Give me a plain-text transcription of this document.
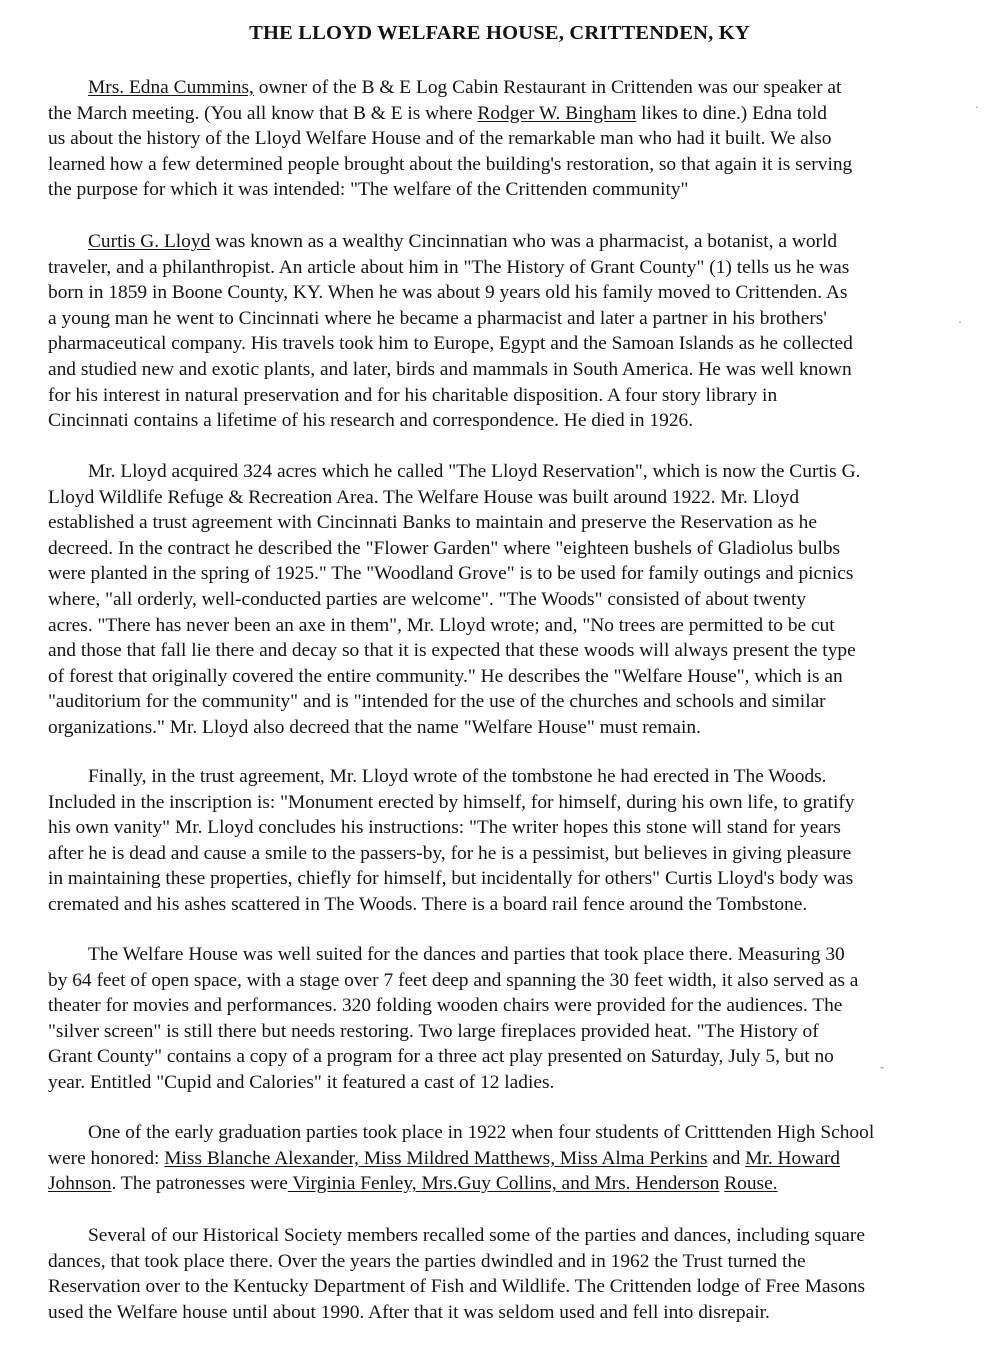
THE LLOYD WELFARE HOUSE, CRITTENDEN, KY
Mrs. Edna Cummins, owner of the B & E Log Cabin Restaurant in Crittenden was our speaker at
the March meeting. (You all know that B & E is where Rodger W. Bingham likes to dine.) Edna told
us about the history of the Lloyd Welfare House and of the remarkable man who had it built. We also
learned how a few determined people brought about the building's restoration, so that again it is serving
the purpose for which it was intended: "The welfare of the Crittenden community"
Curtis G. Lloyd was known as a wealthy Cincinnatian who was a pharmacist, a botanist, a world
traveler, and a philanthropist. An article about him in "The History of Grant County" (1) tells us he was
born in 1859 in Boone County, KY. When he was about 9 years old his family moved to Crittenden. As
a young man he went to Cincinnati where he became a pharmacist and later a partner in his brothers'
pharmaceutical company. His travels took him to Europe, Egypt and the Samoan Islands as he collected
and studied new and exotic plants, and later, birds and mammals in South America. He was well known
for his interest in natural preservation and for his charitable disposition. A four story library in
Cincinnati contains a lifetime of his research and correspondence. He died in 1926.
Mr. Lloyd acquired 324 acres which he called "The Lloyd Reservation", which is now the Curtis G.
Lloyd Wildlife Refuge & Recreation Area. The Welfare House was built around 1922. Mr. Lloyd
established a trust agreement with Cincinnati Banks to maintain and preserve the Reservation as he
decreed. In the contract he described the "Flower Garden" where "eighteen bushels of Gladiolus bulbs
were planted in the spring of 1925." The "Woodland Grove" is to be used for family outings and picnics
where, "all orderly, well-conducted parties are welcome". "The Woods" consisted of about twenty
acres. "There has never been an axe in them", Mr. Lloyd wrote; and, "No trees are permitted to be cut
and those that fall lie there and decay so that it is expected that these woods will always present the type
of forest that originally covered the entire community." He describes the "Welfare House", which is an
"auditorium for the community" and is "intended for the use of the churches and schools and similar
organizations." Mr. Lloyd also decreed that the name "Welfare House" must remain.
Finally, in the trust agreement, Mr. Lloyd wrote of the tombstone he had erected in The Woods.
Included in the inscription is: "Monument erected by himself, for himself, during his own life, to gratify
his own vanity" Mr. Lloyd concludes his instructions: "The writer hopes this stone will stand for years
after he is dead and cause a smile to the passers-by, for he is a pessimist, but believes in giving pleasure
in maintaining these properties, chiefly for himself, but incidentally for others" Curtis Lloyd's body was
cremated and his ashes scattered in The Woods. There is a board rail fence around the Tombstone.
The Welfare House was well suited for the dances and parties that took place there. Measuring 30
by 64 feet of open space, with a stage over 7 feet deep and spanning the 30 feet width, it also served as a
theater for movies and performances. 320 folding wooden chairs were provided for the audiences. The
"silver screen" is still there but needs restoring. Two large fireplaces provided heat. "The History of
Grant County" contains a copy of a program for a three act play presented on Saturday, July 5, but no
year. Entitled "Cupid and Calories" it featured a cast of 12 ladies.
One of the early graduation parties took place in 1922 when four students of Critttenden High School
were honored: Miss Blanche Alexander, Miss Mildred Matthews, Miss Alma Perkins and Mr. Howard
Johnson. The patronesses were Virginia Fenley, Mrs.Guy Collins, and Mrs. Henderson Rouse.
Several of our Historical Society members recalled some of the parties and dances, including square
dances, that took place there. Over the years the parties dwindled and in 1962 the Trust turned the
Reservation over to the Kentucky Department of Fish and Wildlife. The Crittenden lodge of Free Masons
used the Welfare house until about 1990. After that it was seldom used and fell into disrepair.
·
·
ˇ
